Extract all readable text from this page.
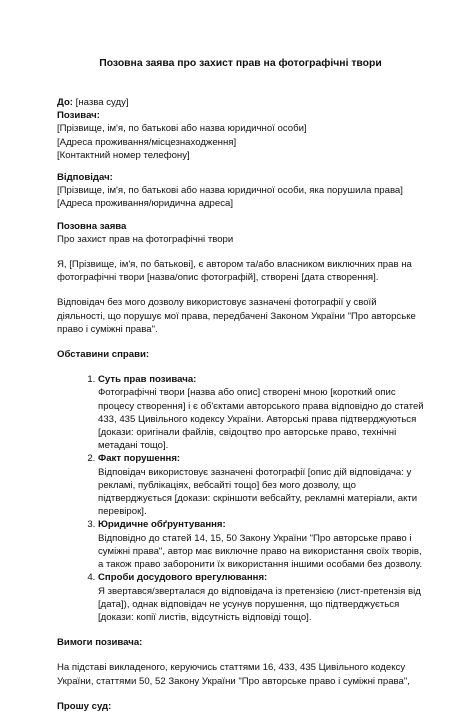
Позовна заява про захист прав на фотографічні твори

До: [назва суду]

Позивач:

[Прізвище, ім'я, по батькові або назва юридичної особи]

[Адреса проживання/місцезнаходження]

[Контактний номер телефону]

Відповідач:

[Прізвище, ім'я, по батькові або назва юридичної особи, яка порушила права]

[Адреса проживання/юридична адреса]

Позовна заява

Про захист прав на фотографічні твори

Я, [Прізвище, ім'я, по батькові], є автором та/або власником виключних прав на фотографічні твори [назва/опис фотографій], створені [дата створення].

Відповідач без мого дозволу використовує зазначені фотографії у своїй діяльності, що порушує мої права, передбачені Законом України "Про авторське право і суміжні права".

Обставини справи:

1. Суть прав позивача:
Фотографічні твори [назва або опис] створені мною [короткий опис процесу створення] і є об'єктами авторського права відповідно до статей 433, 435 Цивільного кодексу України. Авторські права підтверджуються [докази: оригінали файлів, свідоцтво про авторське право, технічні метадані тощо].
2. Факт порушення:
Відповідач використовує зазначені фотографії [опис дій відповідача: у рекламі, публікаціях, вебсайті тощо] без мого дозволу, що підтверджується [докази: скріншоти вебсайту, рекламні матеріали, акти перевірок].
3. Юридичне обґрунтування:
Відповідно до статей 14, 15, 50 Закону України "Про авторське право і суміжні права", автор має виключне право на використання своїх творів, а також право заборонити їх використання іншими особами без дозволу.
4. Спроби досудового врегулювання:
Я звертався/зверталася до відповідача із претензією (лист-претензія від [дата]), однак відповідач не усунув порушення, що підтверджується [докази: копії листів, відсутність відповіді тощо].

Вимоги позивача:

На підставі викладеного, керуючись статтями 16, 433, 435 Цивільного кодексу України, статтями 50, 52 Закону України "Про авторське право і суміжні права",

Прошу суд:
